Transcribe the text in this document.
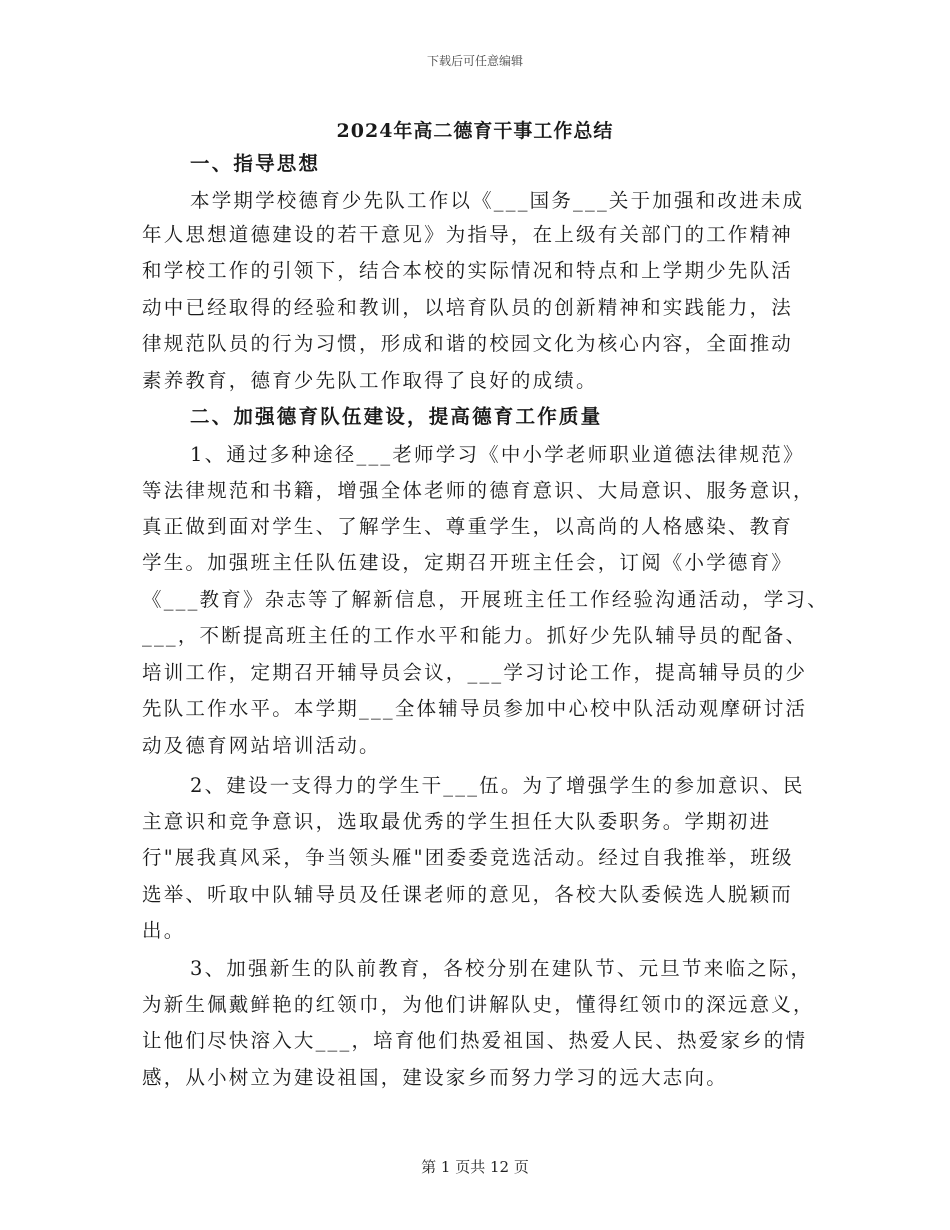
下载后可任意编辑
2024年高二德育干事工作总结
一、指导思想
本学期学校德育少先队工作以《___国务___关于加强和改进未成
年人思想道德建设的若干意见》为指导，在上级有关部门的工作精神
和学校工作的引领下，结合本校的实际情况和特点和上学期少先队活
动中已经取得的经验和教训，以培育队员的创新精神和实践能力，法
律规范队员的行为习惯，形成和谐的校园文化为核心内容，全面推动
素养教育，德育少先队工作取得了良好的成绩。
二、加强德育队伍建设，提高德育工作质量
1、通过多种途径___老师学习《中小学老师职业道德法律规范》
等法律规范和书籍，增强全体老师的德育意识、大局意识、服务意识，
真正做到面对学生、了解学生、尊重学生，以高尚的人格感染、教育
学生。加强班主任队伍建设，定期召开班主任会，订阅《小学德育》
《___教育》杂志等了解新信息，开展班主任工作经验沟通活动，学习、
___，不断提高班主任的工作水平和能力。抓好少先队辅导员的配备、
培训工作，定期召开辅导员会议，___学习讨论工作，提高辅导员的少
先队工作水平。本学期___全体辅导员参加中心校中队活动观摩研讨活
动及德育网站培训活动。
2、建设一支得力的学生干___伍。为了增强学生的参加意识、民
主意识和竞争意识，选取最优秀的学生担任大队委职务。学期初进
行"展我真风采，争当领头雁"团委委竞选活动。经过自我推举，班级
选举、听取中队辅导员及任课老师的意见，各校大队委候选人脱颖而
出。
3、加强新生的队前教育，各校分别在建队节、元旦节来临之际，
为新生佩戴鲜艳的红领巾，为他们讲解队史，懂得红领巾的深远意义，
让他们尽快溶入大___，培育他们热爱祖国、热爱人民、热爱家乡的情
感，从小树立为建设祖国，建设家乡而努力学习的远大志向。
第 1 页共 12 页
